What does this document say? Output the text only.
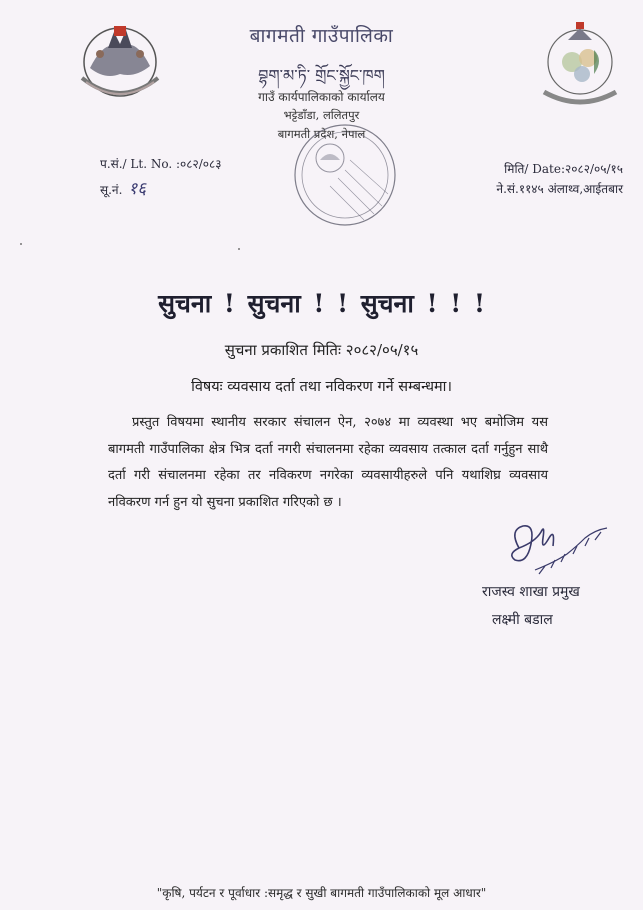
बागमती गाउँपालिका
བྷག་མ་ཏི་ གྲོང་སྐྱོང་ཁག
गाउँ कार्यपालिकाको कार्यालय
भट्टेडाँडा, ललितपुर
बागमती प्रदेश, नेपाल
प.सं./ Lt. No. :०८२/०८३
सू.नं. १६
मिति/ Date:२०८२/०५/१५
ने.सं.११४५ अंलाथ्व,आईतबार
सुचना ! सुचना ! ! सुचना ! ! !
सुचना प्रकाशित मितिः २०८२/०५/१५
विषयः व्यवसाय दर्ता तथा नविकरण गर्ने सम्बन्धमा।
प्रस्तुत विषयमा स्थानीय सरकार संचालन ऐन, २०७४ मा व्यवस्था भए बमोजिम यस बागमती गाउँपालिका क्षेत्र भित्र दर्ता नगरी संचालनमा रहेका व्यवसाय तत्काल दर्ता गर्नुहुन साथै दर्ता गरी संचालनमा रहेका तर नविकरण नगरेका व्यवसायीहरुले पनि यथाशिघ्र व्यवसाय नविकरण गर्न हुन यो सुचना प्रकाशित गरिएको छ ।
राजस्व शाखा प्रमुख
लक्ष्मी बडाल
"कृषि, पर्यटन र पूर्वाधार :समृद्ध र सुखी बागमती गाउँपालिकाको मूल आधार"
